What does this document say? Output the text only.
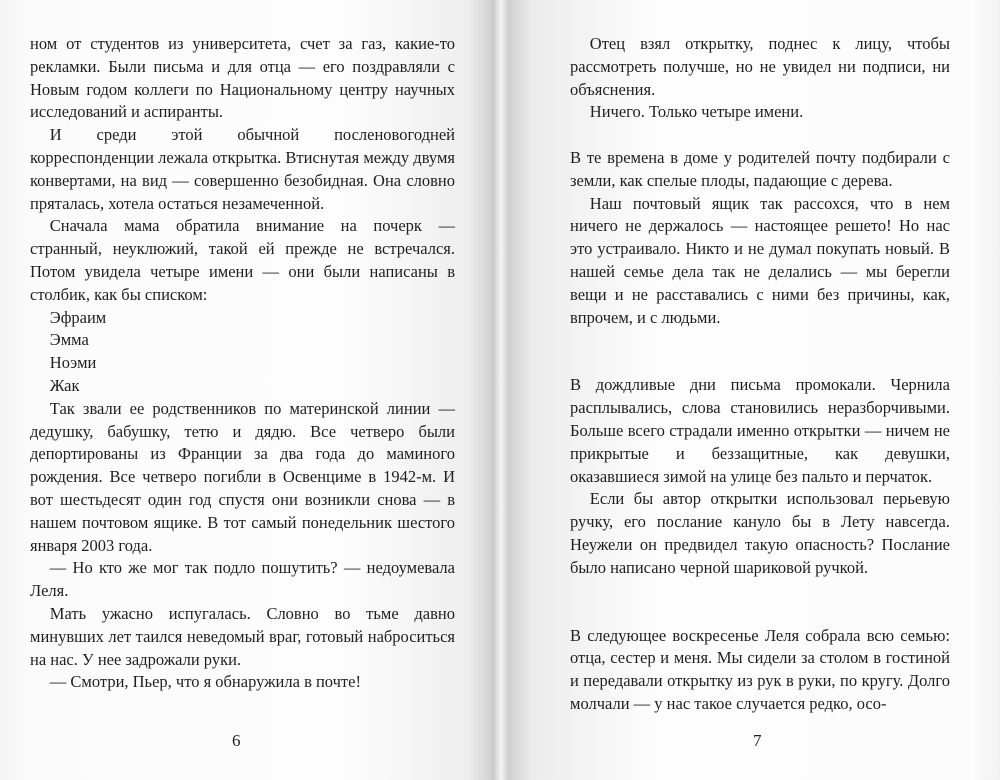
ном от студентов из университета, счет за газ, какие-то рекламки. Были письма и для отца — его поздравляли с Новым годом коллеги по Национальному центру научных исследований и аспиранты.

И среди этой обычной посленовогодней корреспонденции лежала открытка. Втиснутая между двумя конвертами, на вид — совершенно безобидная. Она словно пряталась, хотела остаться незамеченной.

Сначала мама обратила внимание на почерк — странный, неуклюжий, такой ей прежде не встречался. Потом увидела четыре имени — они были написаны в столбик, как бы списком:

Эфраим

Эмма

Ноэми

Жак

Так звали ее родственников по материнской линии — дедушку, бабушку, тетю и дядю. Все четверо были депортированы из Франции за два года до маминого рождения. Все четверо погибли в Освенциме в 1942-м. И вот шестьдесят один год спустя они возникли снова — в нашем почтовом ящике. В тот самый понедельник шестого января 2003 года.

— Но кто же мог так подло пошутить? — недоумевала Леля.

Мать ужасно испугалась. Словно во тьме давно минувших лет таился неведомый враг, готовый наброситься на нас. У нее задрожали руки.

— Смотри, Пьер, что я обнаружила в почте!

6

Отец взял открытку, поднес к лицу, чтобы рассмотреть получше, но не увидел ни подписи, ни объяснения.

Ничего. Только четыре имени.

В те времена в доме у родителей почту подбирали с земли, как спелые плоды, падающие с дерева.

Наш почтовый ящик так рассохся, что в нем ничего не держалось — настоящее решето! Но нас это устраивало. Никто и не думал покупать новый. В нашей семье дела так не делались — мы берегли вещи и не расставались с ними без причины, как, впрочем, и с людьми.

В дождливые дни письма промокали. Чернила расплывались, слова становились неразборчивыми. Больше всего страдали именно открытки — ничем не прикрытые и беззащитные, как девушки, оказавшиеся зимой на улице без пальто и перчаток.

Если бы автор открытки использовал перьевую ручку, его послание кануло бы в Лету навсегда. Неужели он предвидел такую опасность? Послание было написано черной шариковой ручкой.

В следующее воскресенье Леля собрала всю семью: отца, сестер и меня. Мы сидели за столом в гостиной и передавали открытку из рук в руки, по кругу. Долго молчали — у нас такое случается редко, осо-

7
